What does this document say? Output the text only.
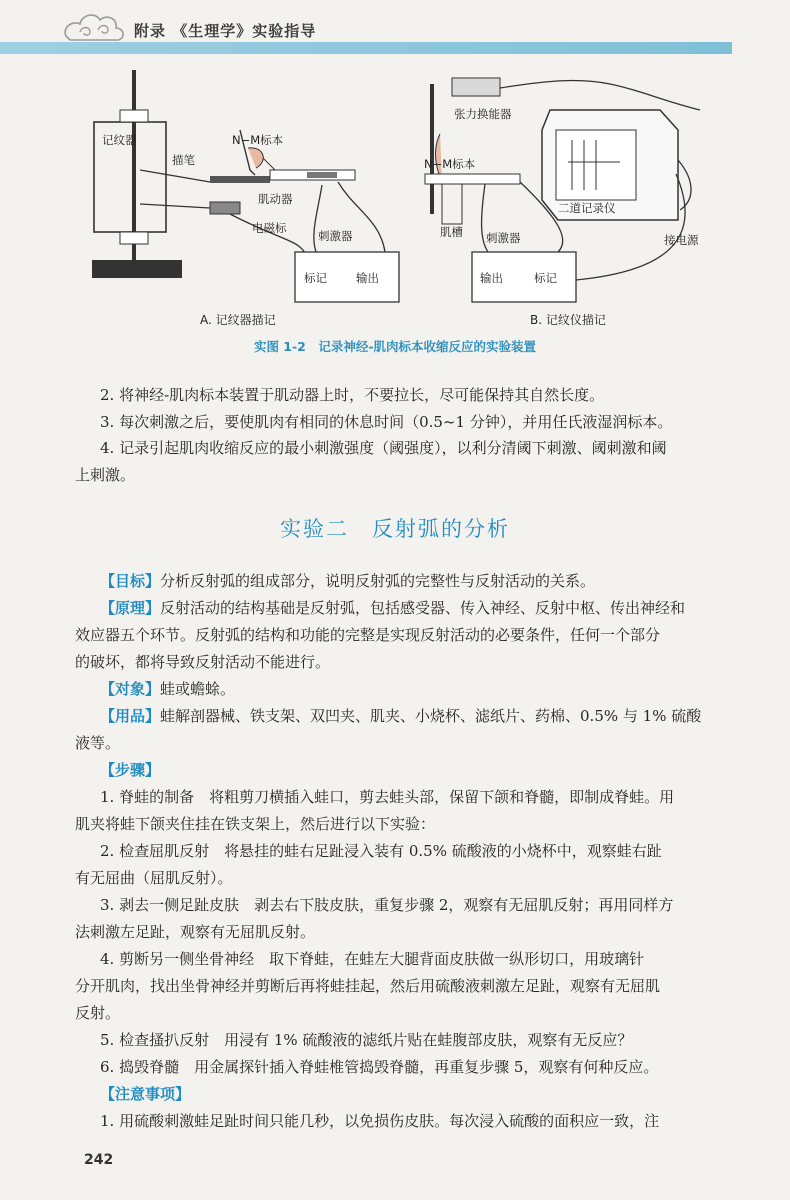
附录 《生理学》实验指导
记纹器
描笔
N−M标本
肌动器
电磁标
刺激器
标记	输出
张力换能器
N−M标本
二道记录仪
肌槽
接电源
刺激器
输出	标记
A. 记纹器描记	B. 记纹仪描记
实图 1-2　记录神经-肌肉标本收缩反应的实验装置
2. 将神经-肌肉标本装置于肌动器上时，不要拉长，尽可能保持其自然长度。
3. 每次刺激之后，要使肌肉有相同的休息时间（0.5~1 分钟），并用任氏液湿润标本。
4. 记录引起肌肉收缩反应的最小刺激强度（阈强度），以利分清阈下刺激、阈刺激和阈
上刺激。
实验二　反射弧的分析
【目标】分析反射弧的组成部分，说明反射弧的完整性与反射活动的关系。
【原理】反射活动的结构基础是反射弧，包括感受器、传入神经、反射中枢、传出神经和
效应器五个环节。反射弧的结构和功能的完整是实现反射活动的必要条件，任何一个部分
的破坏，都将导致反射活动不能进行。
【对象】蛙或蟾蜍。
【用品】蛙解剖器械、铁支架、双凹夹、肌夹、小烧杯、滤纸片、药棉、0.5% 与 1% 硫酸
液等。
【步骤】
1. 脊蛙的制备　将粗剪刀横插入蛙口，剪去蛙头部，保留下颌和脊髓，即制成脊蛙。用
肌夹将蛙下颌夹住挂在铁支架上，然后进行以下实验：
2. 检查屈肌反射　将悬挂的蛙右足趾浸入装有 0.5% 硫酸液的小烧杯中，观察蛙右趾
有无屈曲（屈肌反射）。
3. 剥去一侧足趾皮肤　剥去右下肢皮肤，重复步骤 2，观察有无屈肌反射；再用同样方
法刺激左足趾，观察有无屈肌反射。
4. 剪断另一侧坐骨神经　取下脊蛙，在蛙左大腿背面皮肤做一纵形切口，用玻璃针
分开肌肉，找出坐骨神经并剪断后再将蛙挂起，然后用硫酸液刺激左足趾，观察有无屈肌
反射。
5. 检查搔扒反射　用浸有 1% 硫酸液的滤纸片贴在蛙腹部皮肤，观察有无反应？
6. 捣毁脊髓　用金属探针插入脊蛙椎管捣毁脊髓，再重复步骤 5，观察有何种反应。
【注意事项】
1. 用硫酸刺激蛙足趾时间只能几秒，以免损伤皮肤。每次浸入硫酸的面积应一致，注
242
